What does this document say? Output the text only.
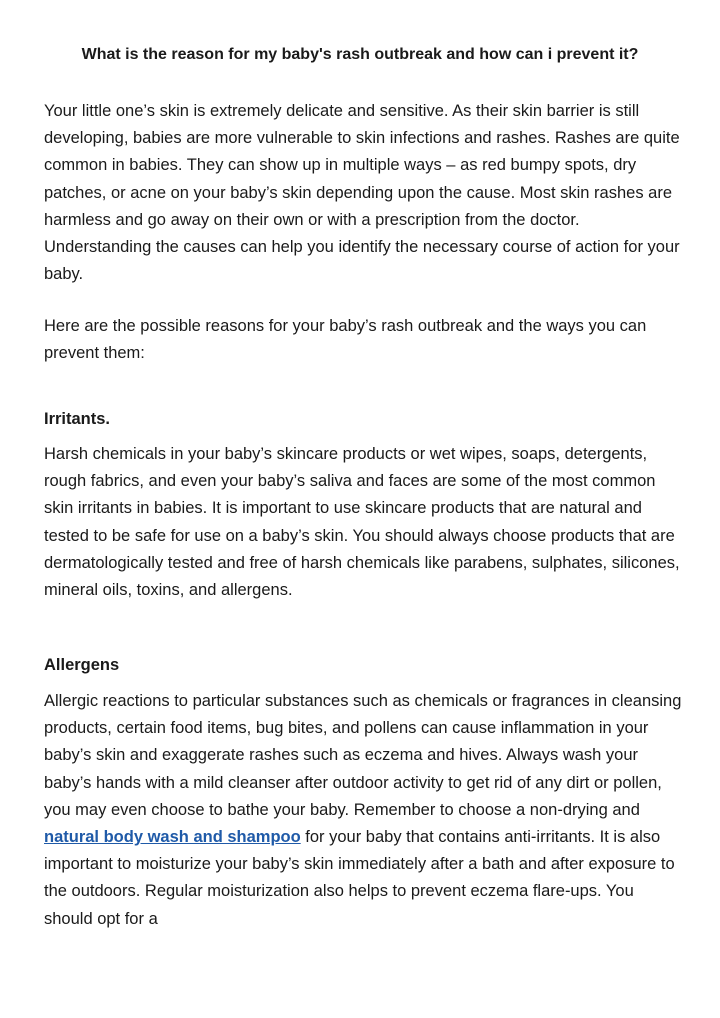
What is the reason for my baby's rash outbreak and how can i prevent it?

Your little one’s skin is extremely delicate and sensitive. As their skin barrier is still developing, babies are more vulnerable to skin infections and rashes. Rashes are quite common in babies. They can show up in multiple ways – as red bumpy spots, dry patches, or acne on your baby’s skin depending upon the cause. Most skin rashes are harmless and go away on their own or with a prescription from the doctor. Understanding the causes can help you identify the necessary course of action for your baby.

Here are the possible reasons for your baby’s rash outbreak and the ways you can prevent them:

Irritants.

Harsh chemicals in your baby’s skincare products or wet wipes, soaps, detergents, rough fabrics, and even your baby’s saliva and faces are some of the most common skin irritants in babies. It is important to use skincare products that are natural and tested to be safe for use on a baby’s skin. You should always choose products that are dermatologically tested and free of harsh chemicals like parabens, sulphates, silicones, mineral oils, toxins, and allergens.

Allergens

Allergic reactions to particular substances such as chemicals or fragrances in cleansing products, certain food items, bug bites, and pollens can cause inflammation in your baby’s skin and exaggerate rashes such as eczema and hives. Always wash your baby’s hands with a mild cleanser after outdoor activity to get rid of any dirt or pollen, you may even choose to bathe your baby. Remember to choose a non-drying and natural body wash and shampoo for your baby that contains anti-irritants. It is also important to moisturize your baby’s skin immediately after a bath and after exposure to the outdoors. Regular moisturization also helps to prevent eczema flare-ups. You should opt for a
